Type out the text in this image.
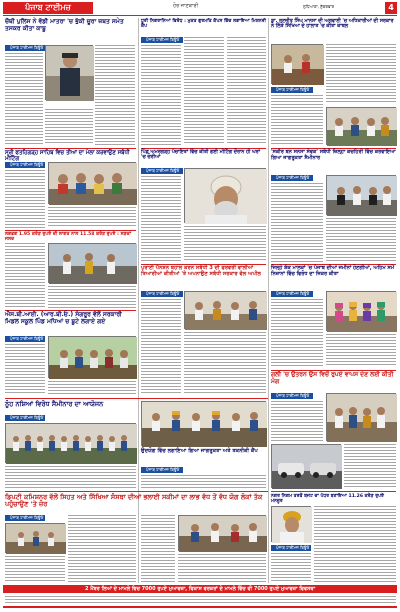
ਪੰਜਾਬ ਟਾਈਮਜ਼	ਹੋਰ ਜਾਣਕਾਰੀ	ਲੁਧਿਆਣਾ, ਸ਼ੁੱਕਰਵਾਰ	4
ਚੌਥੀ ਪੁਲਿਸ ਨੇ ਵੱਡੀ ਮਾਤਰਾ 'ਚ ਭੁੱਕੀ ਚੂਰਾ ਜ਼ਬਤ ਸਮੇਤ ਤਸਕਰ ਕੀਤਾ ਕਾਬੂ
ਪੰਜਾਬ ਟਾਈਮਜ਼ ਬਿਊਰੋ
ਸ੍ਰੀ ਫਤਹਿਗੜ੍ਹ ਸਾਹਿਬ ਵਿਚ ਤੀਆਂ ਦਾ ਮੇਲਾ ਕਰਵਾਉਣ ਸਬੰਧੀ ਮੀਟਿੰਗ
ਪੰਜਾਬ ਟਾਈਮਜ਼ ਬਿਊਰੋ
ਲਗਭਗ 1.95 ਕਰੋੜ ਰੁਪਏ ਦੀ ਲਾਗਤ ਨਾਲ 11.58 ਕਰੋੜ ਰੁਪਏ : ਸੜਕਾਂ ਜਲਦ
ਐਸ.ਬੀ.ਆਈ. (ਆਰ.ਬੀ.ਓ.) ਸੰਗਰੂਰ ਵੱਲੋਂ ਸਰਕਾਰੀ ਮਿਡਲ ਸਕੂਲ ਪਿੰਡ ਮਧਿਆਂ ਚ ਬੂਟੇ ਲਗਾਏ ਗਏ
ਪੰਜਾਬ ਟਾਈਮਜ਼ ਬਿਊਰੋ
ਨੂੰਹ ਨਸ਼ਿਆਂ ਵਿਰੋਧ ਸੈਮੀਨਾਰ ਦਾ ਆਯੋਜਨ
ਪੰਜਾਬ ਟਾਈਮਜ਼ ਬਿਊਰੋ
ਡਿਪਟੀ ਕਮਿਸ਼ਨਰ ਵੱਲੋਂ ਸਿਹਤ ਅਤੇ ਸਿੱਖਿਆ ਸੰਸਥਾ ਦੀਆਂ ਭਲਾਈ ਸਕੀਮਾਂ ਦਾ ਲਾਭ ਵੱਧ ਤੋਂ ਵੱਧ ਯੋਗ ਲੋਕਾਂ ਤੱਕ ਪਹੁੰਚਾਉਣ 'ਤੇ ਜ਼ੋਰ
ਪੰਜਾਬ ਟਾਈਮਜ਼ ਬਿਊਰੋ
ਧੂਰੀ ਨਿਗਰਾਨਿਆਂ ਵਿਰੋਧ : ਮੁਕਤ ਗੁਰਮਤਿ ਕੈਂਪਸ ਵਿੱਚ ਲਗਾਇਆ ਮਿਸ਼ਨਰੀ ਕੈਂਪ
ਪੰਜਾਬ ਟਾਈਮਜ਼ ਬਿਊਰੋ
ਪਿੰਡ ਅਮਰਗੜ੍ਹ ਪੰਚਾਇਤਾਂ ਵਿੱਚ ਕੀਤੀ ਗਈ ਮੀਟਿੰਗ ਦੌਰਾਨ ਹੀ ਘਰਾਂ 'ਚ ਚੋਰੀਆਂ
ਪੰਜਾਬ ਟਾਈਮਜ਼ ਬਿਊਰੋ
ਪੁਰਾਣੀ ਪੈਨਸ਼ਨ ਬਹਾਲ ਕਰਨ ਸਬੰਧੀ 3 ਦੀ ਫਰਵਰੀ ਵਾਲੀਆਂ ਤਿਆਰੀਆਂ ਕੀਤੀਆਂ 'ਤੇ ਅਪਨਾਉਣ ਸਬੰਧੀ ਸਰਕਾਰ ਵੱਲ ਅਪੀਲ
ਪੰਜਾਬ ਟਾਈਮਜ਼ ਬਿਊਰੋ
ਉਦਯੋਗ ਵਿੱਚ ਲਗਾਇਆ ਗਿਆ ਜਾਗਰੂਕਤਾ ਅਤੇ ਤਕਨੀਕੀ ਕੈਂਪ
ਪੰਜਾਬ ਟਾਈਮਜ਼ ਬਿਊਰੋ
ਡਾ. ਰਣਜੀਤ ਸਿੰਘ ਮਾਨਸਾ ਦੀ ਅਗਵਾਈ 'ਚ ਅਧਿਕਾਰੀਆਂ ਦੀ ਸਰਕਾਰ ਨੇ ਲਿੱਤੇ ਸਿੱਖਿਆ ਦੇ ਹਾਲਾਤ 'ਚ ਕੀਤਾ ਕਾਬਲ
ਪੰਜਾਬ ਟਾਈਮਜ਼ ਬਿਊਰੋ
'ਸਕੀਰ ਬਨ ਸਨਸਾ ਸੇਵਕ' ਸਬੰਧੀ ਜ਼ਿਲ੍ਹਾ ਕਚਹਿਰੀ ਵਿੱਚ ਕਰਵਾਇਆ ਗਿਆ ਜਾਗਰੂਕਤਾ ਸੈਮੀਨਾਰ
ਪੰਜਾਬ ਟਾਈਮਜ਼ ਬਿਊਰੋ
ਜਿਲ੍ਹੇ ਸ਼ੱਕ ਮਾਲਕਾਂ 'ਚ ਪੰਜਾਬ ਦੀਆਂ ਜਮੀਨਾਂ ਹੋਣਗੀਆਂ, ਅਹਿਮ ਸਮੇਂ ਨਿਜ਼ਾਨਾਂ ਵਿੱਚ ਵਿਰੋਧ ਦਾ ਜਿਕਰ ਕੀਤਾ
ਪੰਜਾਬ ਟਾਈਮਜ਼ ਬਿਊਰੋ
ਗਲੀ 'ਚ ਉਤਰਨ ਉਸ ਵਿਚੋਂ ਰੁਪਏ ਵਾਪਸ ਦੇਣ ਲਈ ਕੀਤੀ ਮੰਗ
ਪੰਜਾਬ ਟਾਈਮਜ਼ ਬਿਊਰੋ
ਨਗਰ ਨਿਗਮ ਤਰਫੋਂ ਬਜਟ ਦਾ ਪੱਧਰ ਬਣਾਇਆ 11.26 ਕਰੋੜ ਰੁਪਏ ਮਨਜ਼ੂਰ
ਪੰਜਾਬ ਟਾਈਮਜ਼ ਬਿਊਰੋ
2 ਮੈਂਬਰ ਲਿਆਂ ਦੇ ਮਾਮਲੇ ਵਿਚ 7000 ਰੁਪਏ ਮੁਆਵਜ਼ਾ, ਵਿਕਾਸ ਵਰਕਰਾਂ ਦੇ ਮਾਮਲੇ ਵਿੱਚ ਵੀ 7000 ਰੁਪਏ ਮੁਆਵਜ਼ਾ ਵਿਵਸਥਾ
